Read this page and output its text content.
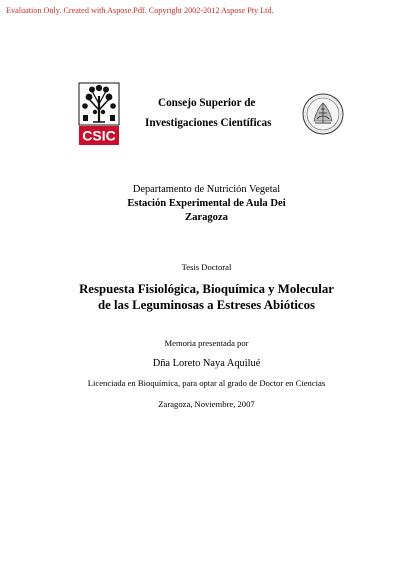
Evaluation Only. Created with Aspose.Pdf. Copyright 2002-2012 Aspose Pty Ltd.
CSIC
Consejo Superior de
Investigaciones Científicas
Departamento de Nutrición Vegetal
Estación Experimental de Aula Dei
Zaragoza
Tesis Doctoral
Respuesta Fisiológica, Bioquímica y Molecular
de las Leguminosas a Estreses Abióticos
Memoria presentada por
Dña Loreto Naya Aquilué
Licenciada en Bioquímica, para optar al grado de Doctor en Ciencias
Zaragoza, Noviembre, 2007
